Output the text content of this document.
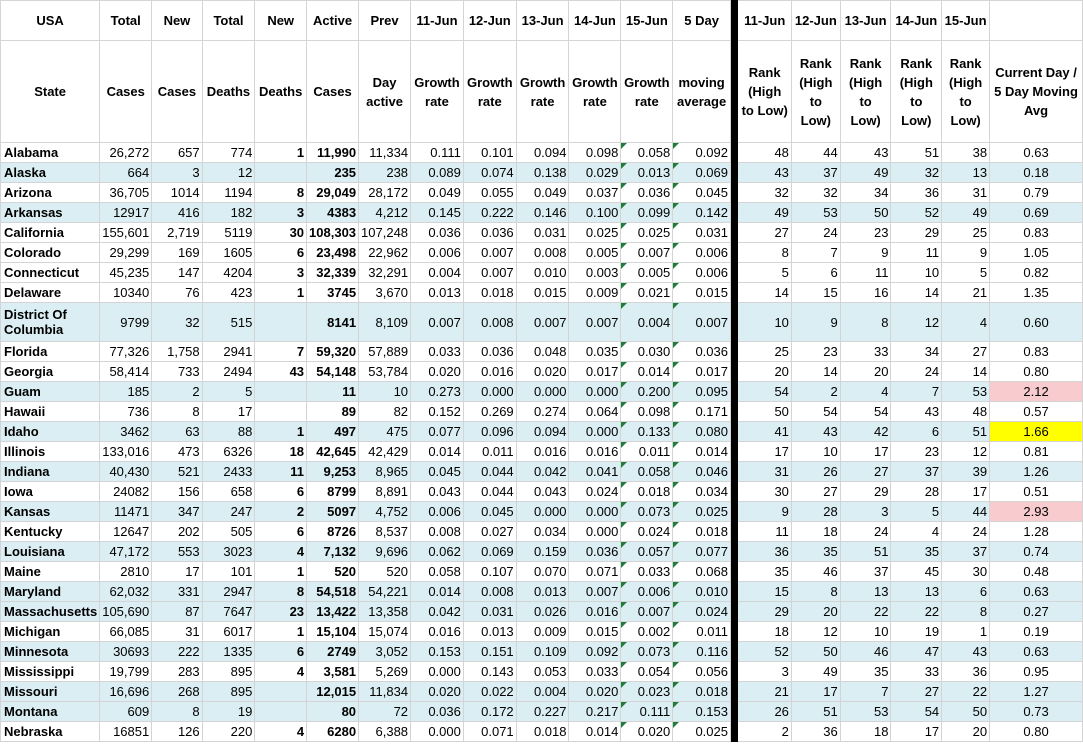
USA	Total	New	Total	New	Active	Prev	11-Jun	12-Jun	13-Jun	14-Jun	15-Jun	5 Day		11-Jun	12-Jun	13-Jun	14-Jun	15-Jun	
State	Cases	Cases	Deaths	Deaths	Cases	Day active	Growth rate	Growth rate	Growth rate	Growth rate	Growth rate	moving average		Rank (High to Low)	Rank (High to Low)	Rank (High to Low)	Rank (High to Low)	Rank (High to Low)	Current Day / 5 Day Moving Avg
Alabama	26,272	657	774	1	11,990	11,334	0.111	0.101	0.094	0.098	0.058	0.092		48	44	43	51	38	0.63
Alaska	664	3	12		235	238	0.089	0.074	0.138	0.029	0.013	0.069		43	37	49	32	13	0.18
Arizona	36,705	1014	1194	8	29,049	28,172	0.049	0.055	0.049	0.037	0.036	0.045		32	32	34	36	31	0.79
Arkansas	12917	416	182	3	4383	4,212	0.145	0.222	0.146	0.100	0.099	0.142		49	53	50	52	49	0.69
California	155,601	2,719	5119	30	108,303	107,248	0.036	0.036	0.031	0.025	0.025	0.031		27	24	23	29	25	0.83
Colorado	29,299	169	1605	6	23,498	22,962	0.006	0.007	0.008	0.005	0.007	0.006		8	7	9	11	9	1.05
Connecticut	45,235	147	4204	3	32,339	32,291	0.004	0.007	0.010	0.003	0.005	0.006		5	6	11	10	5	0.82
Delaware	10340	76	423	1	3745	3,670	0.013	0.018	0.015	0.009	0.021	0.015		14	15	16	14	21	1.35
District Of Columbia	9799	32	515		8141	8,109	0.007	0.008	0.007	0.007	0.004	0.007		10	9	8	12	4	0.60
Florida	77,326	1,758	2941	7	59,320	57,889	0.033	0.036	0.048	0.035	0.030	0.036		25	23	33	34	27	0.83
Georgia	58,414	733	2494	43	54,148	53,784	0.020	0.016	0.020	0.017	0.014	0.017		20	14	20	24	14	0.80
Guam	185	2	5		11	10	0.273	0.000	0.000	0.000	0.200	0.095		54	2	4	7	53	2.12
Hawaii	736	8	17		89	82	0.152	0.269	0.274	0.064	0.098	0.171		50	54	54	43	48	0.57
Idaho	3462	63	88	1	497	475	0.077	0.096	0.094	0.000	0.133	0.080		41	43	42	6	51	1.66
Illinois	133,016	473	6326	18	42,645	42,429	0.014	0.011	0.016	0.016	0.011	0.014		17	10	17	23	12	0.81
Indiana	40,430	521	2433	11	9,253	8,965	0.045	0.044	0.042	0.041	0.058	0.046		31	26	27	37	39	1.26
Iowa	24082	156	658	6	8799	8,891	0.043	0.044	0.043	0.024	0.018	0.034		30	27	29	28	17	0.51
Kansas	11471	347	247	2	5097	4,752	0.006	0.045	0.000	0.000	0.073	0.025		9	28	3	5	44	2.93
Kentucky	12647	202	505	6	8726	8,537	0.008	0.027	0.034	0.000	0.024	0.018		11	18	24	4	24	1.28
Louisiana	47,172	553	3023	4	7,132	9,696	0.062	0.069	0.159	0.036	0.057	0.077		36	35	51	35	37	0.74
Maine	2810	17	101	1	520	520	0.058	0.107	0.070	0.071	0.033	0.068		35	46	37	45	30	0.48
Maryland	62,032	331	2947	8	54,518	54,221	0.014	0.008	0.013	0.007	0.006	0.010		15	8	13	13	6	0.63
Massachusetts	105,690	87	7647	23	13,422	13,358	0.042	0.031	0.026	0.016	0.007	0.024		29	20	22	22	8	0.27
Michigan	66,085	31	6017	1	15,104	15,074	0.016	0.013	0.009	0.015	0.002	0.011		18	12	10	19	1	0.19
Minnesota	30693	222	1335	6	2749	3,052	0.153	0.151	0.109	0.092	0.073	0.116		52	50	46	47	43	0.63
Mississippi	19,799	283	895	4	3,581	5,269	0.000	0.143	0.053	0.033	0.054	0.056		3	49	35	33	36	0.95
Missouri	16,696	268	895		12,015	11,834	0.020	0.022	0.004	0.020	0.023	0.018		21	17	7	27	22	1.27
Montana	609	8	19		80	72	0.036	0.172	0.227	0.217	0.111	0.153		26	51	53	54	50	0.73
Nebraska	16851	126	220	4	6280	6,388	0.000	0.071	0.018	0.014	0.020	0.025		2	36	18	17	20	0.80
